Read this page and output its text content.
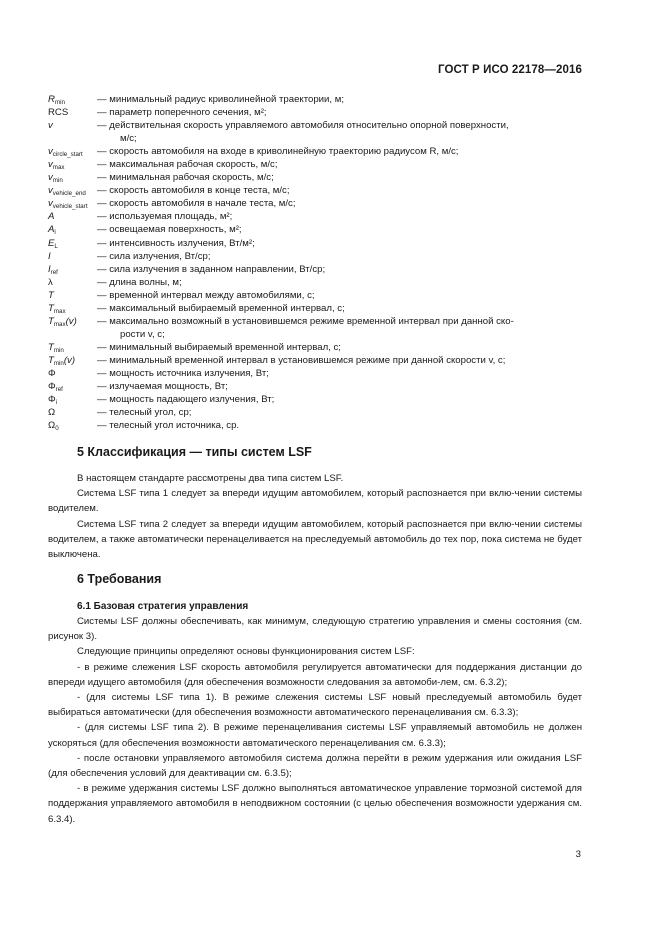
ГОСТ Р ИСО 22178—2016
$R_{min}$	— минимальный радиус криволинейной траектории, м;
RCS	— параметр поперечного сечения, м²;
v	— действительная скорость управляемого автомобиля относительно опорной поверхности,
м/с;
$v_{circle\_start}$	— скорость автомобиля на входе в криволинейную траекторию радиусом R, м/с;
$v_{max}$	— максимальная рабочая скорость, м/с;
$v_{min}$	— минимальная рабочая скорость, м/с;
$v_{vehicle\_end}$	— скорость автомобиля в конце теста, м/с;
$v_{vehicle\_start}$ — скорость автомобиля в начале теста, м/с;
A	— используемая площадь, м²;
$A_l$	— освещаемая поверхность, м²;
$E_L$	— интенсивность излучения, Вт/м²;
I	— сила излучения, Вт/ср;
$I_{ref}$	— сила излучения в заданном направлении, Вт/ср;
λ	— длина волны, м;
T	— временной интервал между автомобилями, с;
$T_{max}$	— максимальный выбираемый временной интервал, с;
$T_{max}(v)$	— максимально возможный в установившемся режиме временной интервал при данной ско-
рости v, с;
$T_{min}$	— минимальный выбираемый временной интервал, с;
$T_{min}(v)$	— минимальный временной интервал в установившемся режиме при данной скорости v, с;
Φ	— мощность источника излучения, Вт;
$\Phi_{ref}$	— излучаемая мощность, Вт;
$\Phi_i$	— мощность падающего излучения, Вт;
Ω	— телесный угол, ср;
$\Omega_0$	— телесный угол источника, ср.
5 Классификация — типы систем LSF

В настоящем стандарте рассмотрены два типа систем LSF.

Система LSF типа 1 следует за впереди идущим автомобилем, который распознается при вклю-чении системы водителем.

Система LSF типа 2 следует за впереди идущим автомобилем, который распознается при вклю-чении системы водителем, а также автоматически перенацеливается на преследуемый автомобиль до тех пор, пока система не будет выключена.

6 Требования
6.1 Базовая стратегия управления

Системы LSF должны обеспечивать, как минимум, следующую стратегию управления и смены состояния (см. рисунок 3).

Следующие принципы определяют основы функционирования систем LSF:

- в режиме слежения LSF скорость автомобиля регулируется автоматически для поддержания дистанции до впереди идущего автомобиля (для обеспечения возможности следования за автомоби-лем, см. 6.3.2);

- (для системы LSF типа 1). В режиме слежения системы LSF новый преследуемый автомобиль будет выбираться автоматически (для обеспечения возможности автоматического перенацеливания см. 6.3.3);

- (для системы LSF типа 2). В режиме перенацеливания системы LSF управляемый автомобиль не должен ускоряться (для обеспечения возможности автоматического перенацеливания см. 6.3.3);

- после остановки управляемого автомобиля система должна перейти в режим удержания или ожидания LSF (для обеспечения условий для деактивации см. 6.3.5);

- в режиме удержания системы LSF должно выполняться автоматическое управление тормозной системой для поддержания управляемого автомобиля в неподвижном состоянии (с целью обеспечения возможности удержания см. 6.3.4).

3
